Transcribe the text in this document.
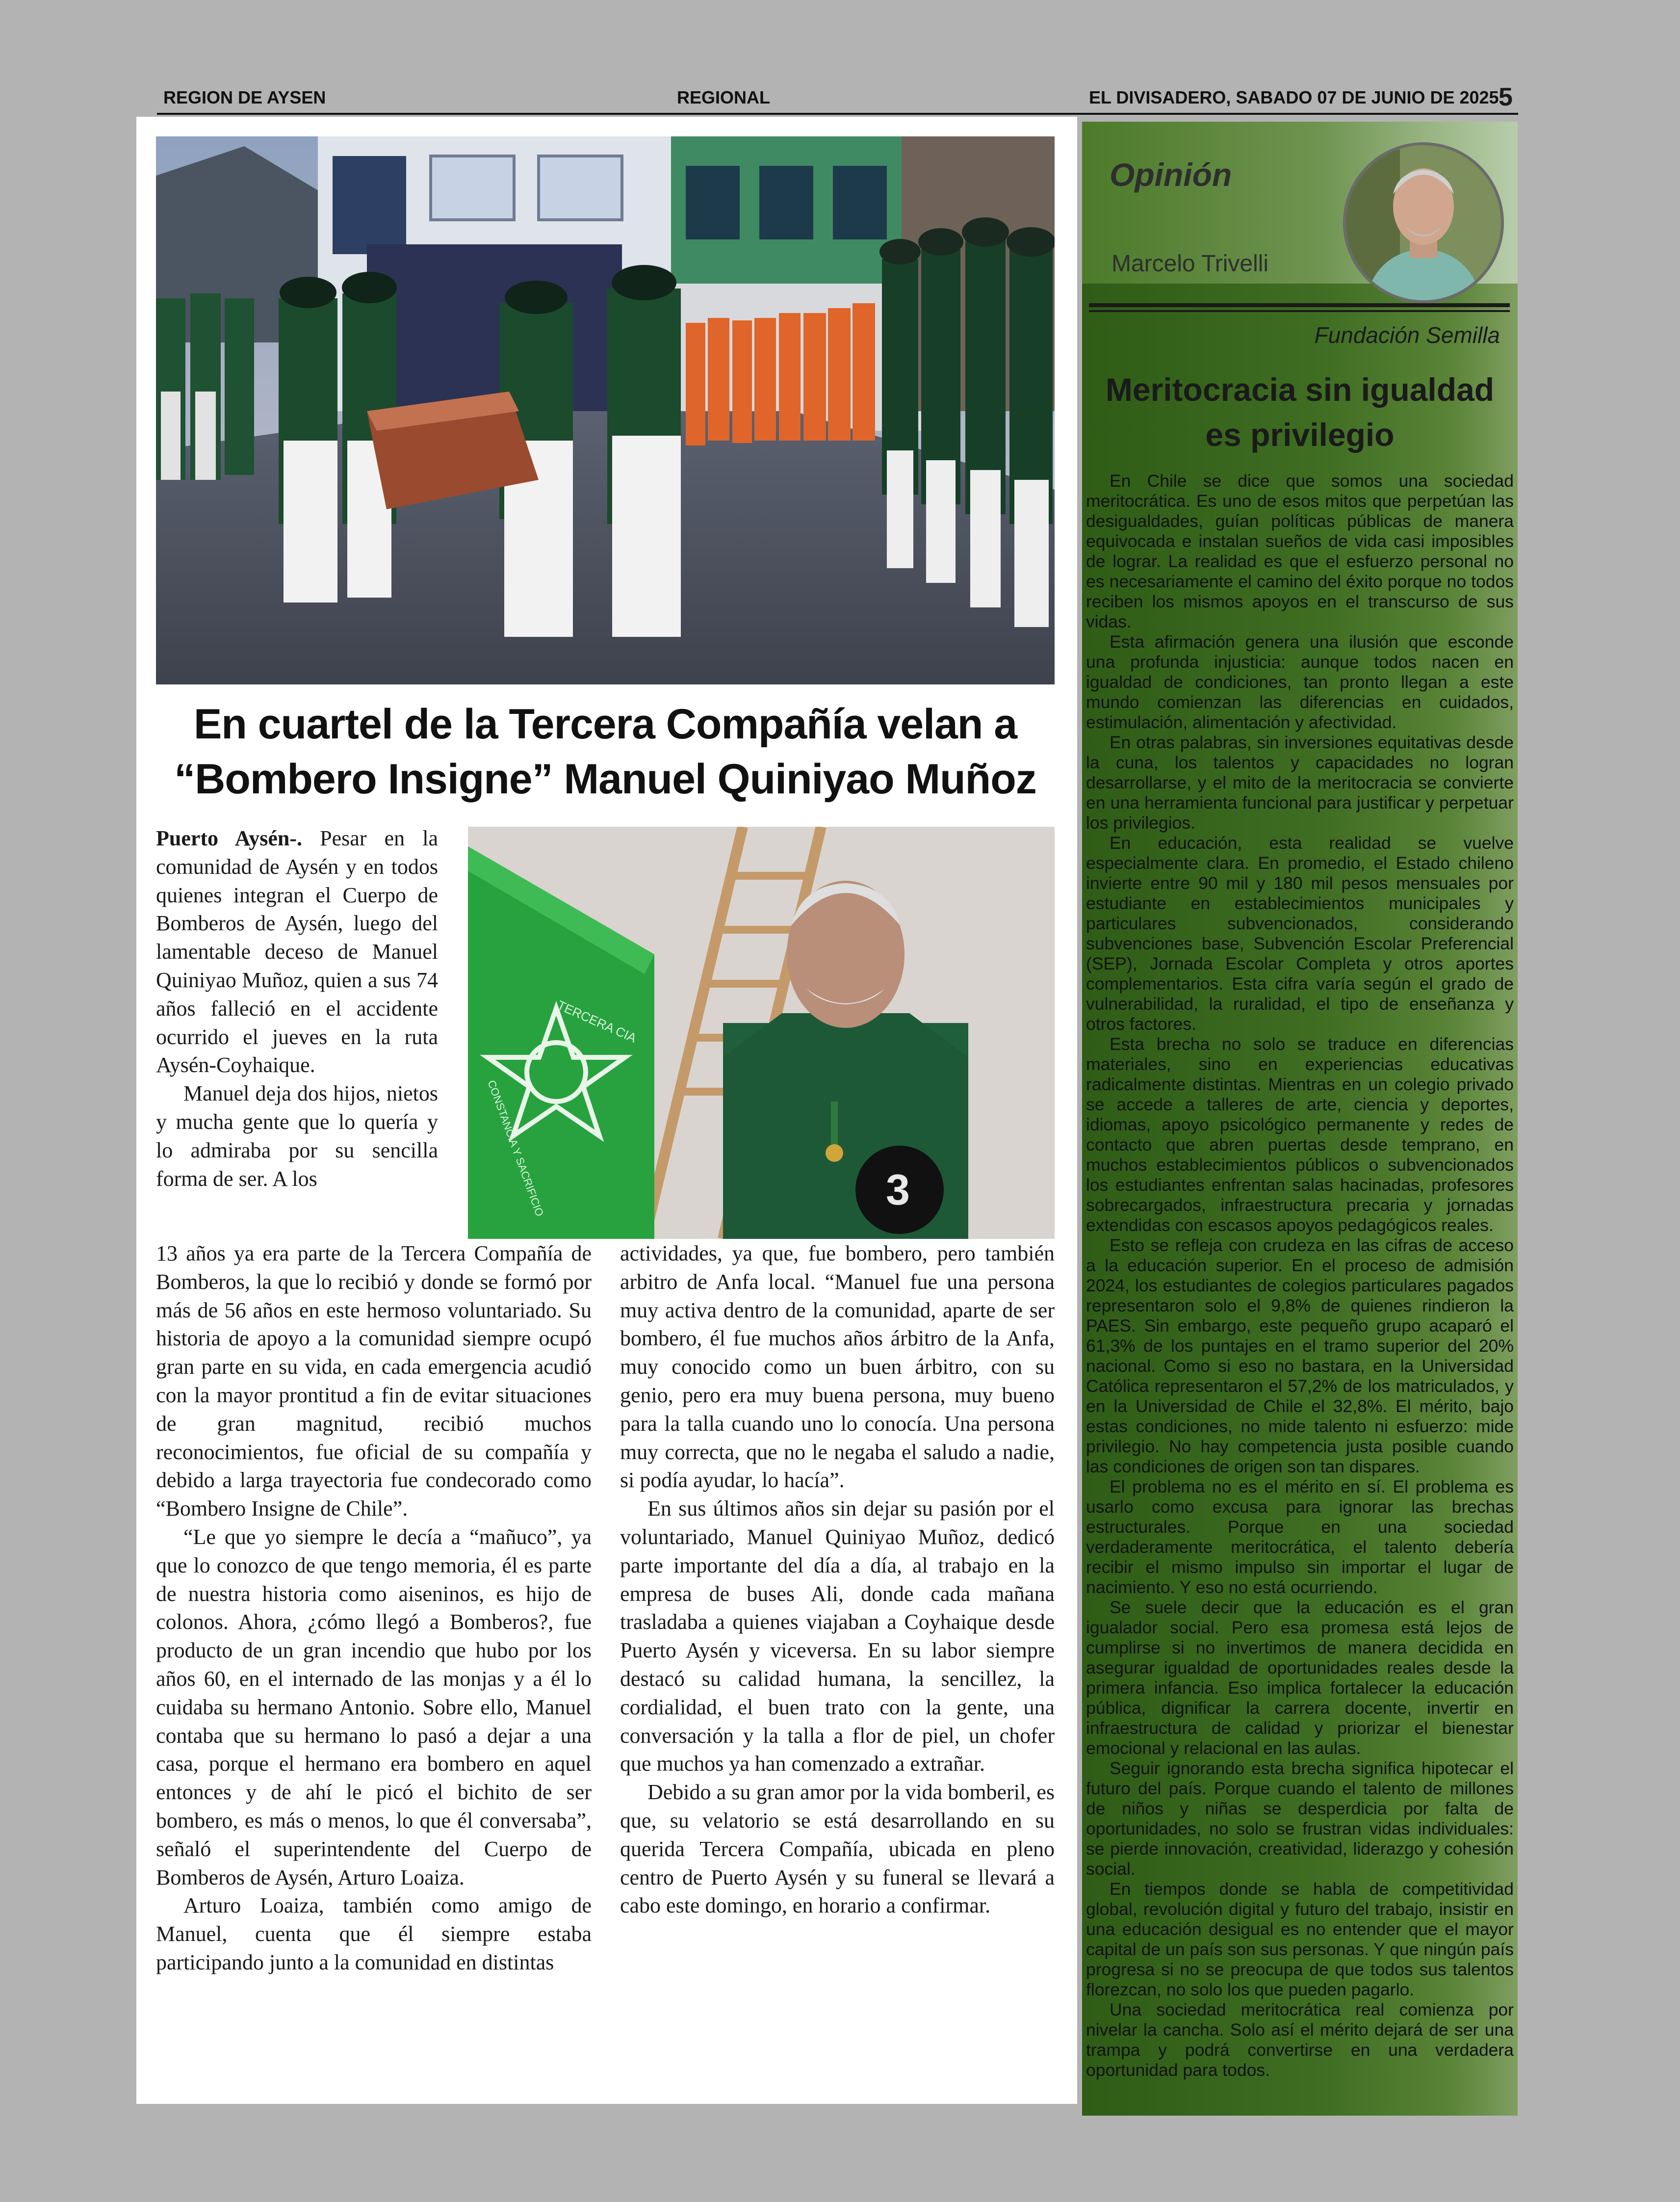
REGION DE AYSEN	REGIONAL	EL DIVISADERO, SABADO 07 DE JUNIO DE 2025 5
En cuartel de la Tercera Compañía velan a
“Bombero Insigne” Manuel Quiniyao Muñoz
TERCERA CIA
CONSTANCIA Y SACRIFICIO	3

Puerto Aysén-. Pesar en la comunidad de Aysén y en todos quienes integran el Cuerpo de Bomberos de Aysén, luego del lamentable deceso de Manuel Quiniyao Muñoz, quien a sus 74 años falleció en el accidente ocurrido el jueves en la ruta Aysén-Coyhaique.

Manuel deja dos hijos, nietos y mucha gente que lo quería y lo admiraba por su sencilla forma de ser. A los

13 años ya era parte de la Tercera Compañía de Bomberos, la que lo recibió y donde se formó por más de 56 años en este hermoso voluntariado. Su historia de apoyo a la comunidad siempre ocupó gran parte en su vida, en cada emergencia acudió con la mayor prontitud a fin de evitar situaciones de gran magnitud, recibió muchos reconocimientos, fue oficial de su compañía y debido a larga trayectoria fue condecorado como “Bombero Insigne de Chile”.

“Le que yo siempre le decía a “mañuco”, ya que lo conozco de que tengo memoria, él es parte de nuestra historia como aiseninos, es hijo de colonos. Ahora, ¿cómo llegó a Bomberos?, fue producto de un gran incendio que hubo por los años 60, en el internado de las monjas y a él lo cuidaba su hermano Antonio. Sobre ello, Manuel contaba que su hermano lo pasó a dejar a una casa, porque el hermano era bombero en aquel entonces y de ahí le picó el bichito de ser bombero, es más o menos, lo que él conversaba”, señaló el superintendente del Cuerpo de Bomberos de Aysén, Arturo Loaiza.

Arturo Loaiza, también como amigo de Manuel, cuenta que él siempre estaba participando junto a la comunidad en distintas

actividades, ya que, fue bombero, pero también arbitro de Anfa local. “Manuel fue una persona muy activa dentro de la comunidad, aparte de ser bombero, él fue muchos años árbitro de la Anfa, muy conocido como un buen árbitro, con su genio, pero era muy buena persona, muy bueno para la talla cuando uno lo conocía. Una persona muy correcta, que no le negaba el saludo a nadie, si podía ayudar, lo hacía”.

En sus últimos años sin dejar su pasión por el voluntariado, Manuel Quiniyao Muñoz, dedicó parte importante del día a día, al trabajo en la empresa de buses Ali, donde cada mañana trasladaba a quienes viajaban a Coyhaique desde Puerto Aysén y viceversa. En su labor siempre destacó su calidad humana, la sencillez, la cordialidad, el buen trato con la gente, una conversación y la talla a flor de piel, un chofer que muchos ya han comenzado a extrañar.

Debido a su gran amor por la vida bomberil, es que, su velatorio se está desarrollando en su querida Tercera Compañía, ubicada en pleno centro de Puerto Aysén y su funeral se llevará a cabo este domingo, en horario a confirmar.

Opinión
Marcelo Trivelli
Fundación Semilla
Meritocracia sin igualdad
es privilegio

En Chile se dice que somos una sociedad meritocrática. Es uno de esos mitos que perpetúan las desigualdades, guían políticas públicas de manera equivocada e instalan sueños de vida casi imposibles de lograr. La realidad es que el esfuerzo personal no es necesariamente el camino del éxito porque no todos reciben los mismos apoyos en el transcurso de sus vidas.

Esta afirmación genera una ilusión que esconde una profunda injusticia: aunque todos nacen en igualdad de condiciones, tan pronto llegan a este mundo comienzan las diferencias en cuidados, estimulación, alimentación y afectividad.

En otras palabras, sin inversiones equitativas desde la cuna, los talentos y capacidades no logran desarrollarse, y el mito de la meritocracia se convierte en una herramienta funcional para justificar y perpetuar los privilegios.

En educación, esta realidad se vuelve especialmente clara. En promedio, el Estado chileno invierte entre 90 mil y 180 mil pesos mensuales por estudiante en establecimientos municipales y particulares subvencionados, considerando subvenciones base, Subvención Escolar Preferencial (SEP), Jornada Escolar Completa y otros aportes complementarios. Esta cifra varía según el grado de vulnerabilidad, la ruralidad, el tipo de enseñanza y otros factores.

Esta brecha no solo se traduce en diferencias materiales, sino en experiencias educativas radicalmente distintas. Mientras en un colegio privado se accede a talleres de arte, ciencia y deportes, idiomas, apoyo psicológico permanente y redes de contacto que abren puertas desde temprano, en muchos establecimientos públicos o subvencionados los estudiantes enfrentan salas hacinadas, profesores sobrecargados, infraestructura precaria y jornadas extendidas con escasos apoyos pedagógicos reales.

Esto se refleja con crudeza en las cifras de acceso a la educación superior. En el proceso de admisión 2024, los estudiantes de colegios particulares pagados representaron solo el 9,8% de quienes rindieron la PAES. Sin embargo, este pequeño grupo acaparó el 61,3% de los puntajes en el tramo superior del 20% nacional. Como si eso no bastara, en la Universidad Católica representaron el 57,2% de los matriculados, y en la Universidad de Chile el 32,8%. El mérito, bajo estas condiciones, no mide talento ni esfuerzo: mide privilegio. No hay competencia justa posible cuando las condiciones de origen son tan dispares.

El problema no es el mérito en sí. El problema es usarlo como excusa para ignorar las brechas estructurales. Porque en una sociedad verdaderamente meritocrática, el talento debería recibir el mismo impulso sin importar el lugar de nacimiento. Y eso no está ocurriendo.

Se suele decir que la educación es el gran igualador social. Pero esa promesa está lejos de cumplirse si no invertimos de manera decidida en asegurar igualdad de oportunidades reales desde la primera infancia. Eso implica fortalecer la educación pública, dignificar la carrera docente, invertir en infraestructura de calidad y priorizar el bienestar emocional y relacional en las aulas.

Seguir ignorando esta brecha significa hipotecar el futuro del país. Porque cuando el talento de millones de niños y niñas se desperdicia por falta de oportunidades, no solo se frustran vidas individuales: se pierde innovación, creatividad, liderazgo y cohesión social.

En tiempos donde se habla de competitividad global, revolución digital y futuro del trabajo, insistir en una educación desigual es no entender que el mayor capital de un país son sus personas. Y que ningún país progresa si no se preocupa de que todos sus talentos florezcan, no solo los que pueden pagarlo.

Una sociedad meritocrática real comienza por nivelar la cancha. Solo así el mérito dejará de ser una trampa y podrá convertirse en una verdadera oportunidad para todos.
